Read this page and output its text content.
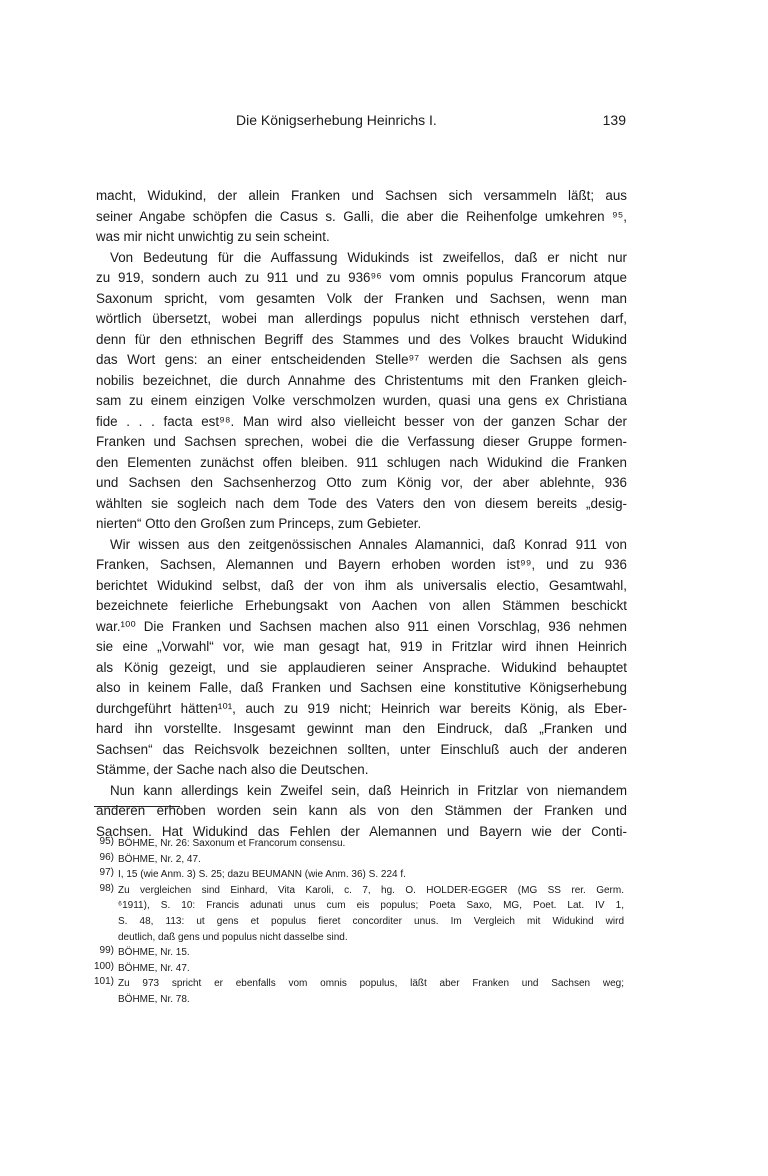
Die Königserhebung Heinrichs I.	139
macht, Widukind, der allein Franken und Sachsen sich versammeln läßt; aus
seiner Angabe schöpfen die Casus s. Galli, die aber die Reihenfolge umkehren ⁹⁵,
was mir nicht unwichtig zu sein scheint.
Von Bedeutung für die Auffassung Widukinds ist zweifellos, daß er nicht nur
zu 919, sondern auch zu 911 und zu 936⁹⁶ vom omnis populus Francorum atque
Saxonum spricht, vom gesamten Volk der Franken und Sachsen, wenn man
wörtlich übersetzt, wobei man allerdings populus nicht ethnisch verstehen darf,
denn für den ethnischen Begriff des Stammes und des Volkes braucht Widukind
das Wort gens: an einer entscheidenden Stelle⁹⁷ werden die Sachsen als gens
nobilis bezeichnet, die durch Annahme des Christentums mit den Franken gleich-
sam zu einem einzigen Volke verschmolzen wurden, quasi una gens ex Christiana
fide . . . facta est⁹⁸. Man wird also vielleicht besser von der ganzen Schar der
Franken und Sachsen sprechen, wobei die die Verfassung dieser Gruppe formen-
den Elementen zunächst offen bleiben. 911 schlugen nach Widukind die Franken
und Sachsen den Sachsenherzog Otto zum König vor, der aber ablehnte, 936
wählten sie sogleich nach dem Tode des Vaters den von diesem bereits „desig-
nierten“ Otto den Großen zum Princeps, zum Gebieter.
Wir wissen aus den zeitgenössischen Annales Alamannici, daß Konrad 911 von
Franken, Sachsen, Alemannen und Bayern erhoben worden ist⁹⁹, und zu 936
berichtet Widukind selbst, daß der von ihm als universalis electio, Gesamtwahl,
bezeichnete feierliche Erhebungsakt von Aachen von allen Stämmen beschickt
war.¹⁰⁰ Die Franken und Sachsen machen also 911 einen Vorschlag, 936 nehmen
sie eine „Vorwahl“ vor, wie man gesagt hat, 919 in Fritzlar wird ihnen Heinrich
als König gezeigt, und sie applaudieren seiner Ansprache. Widukind behauptet
also in keinem Falle, daß Franken und Sachsen eine konstitutive Königserhebung
durchgeführt hätten¹⁰¹, auch zu 919 nicht; Heinrich war bereits König, als Eber-
hard ihn vorstellte. Insgesamt gewinnt man den Eindruck, daß „Franken und
Sachsen“ das Reichsvolk bezeichnen sollten, unter Einschluß auch der anderen
Stämme, der Sache nach also die Deutschen.
Nun kann allerdings kein Zweifel sein, daß Heinrich in Fritzlar von niemandem
anderen erhoben worden sein kann als von den Stämmen der Franken und
Sachsen. Hat Widukind das Fehlen der Alemannen und Bayern wie der Conti-
95) BÖHME, Nr. 26: Saxonum et Francorum consensu.
96) BÖHME, Nr. 2, 47.
97) I, 15 (wie Anm. 3) S. 25; dazu BEUMANN (wie Anm. 36) S. 224 f.
98) Zu vergleichen sind Einhard, Vita Karoli, c. 7, hg. O. HOLDER-EGGER (MG SS rer. Germ.
⁶1911), S. 10: Francis adunati unus cum eis populus; Poeta Saxo, MG, Poet. Lat. IV 1,
S. 48, 113: ut gens et populus fieret concorditer unus. Im Vergleich mit Widukind wird
deutlich, daß gens und populus nicht dasselbe sind.
99) BÖHME, Nr. 15.
100) BÖHME, Nr. 47.
101) Zu 973 spricht er ebenfalls vom omnis populus, läßt aber Franken und Sachsen weg;
BÖHME, Nr. 78.
